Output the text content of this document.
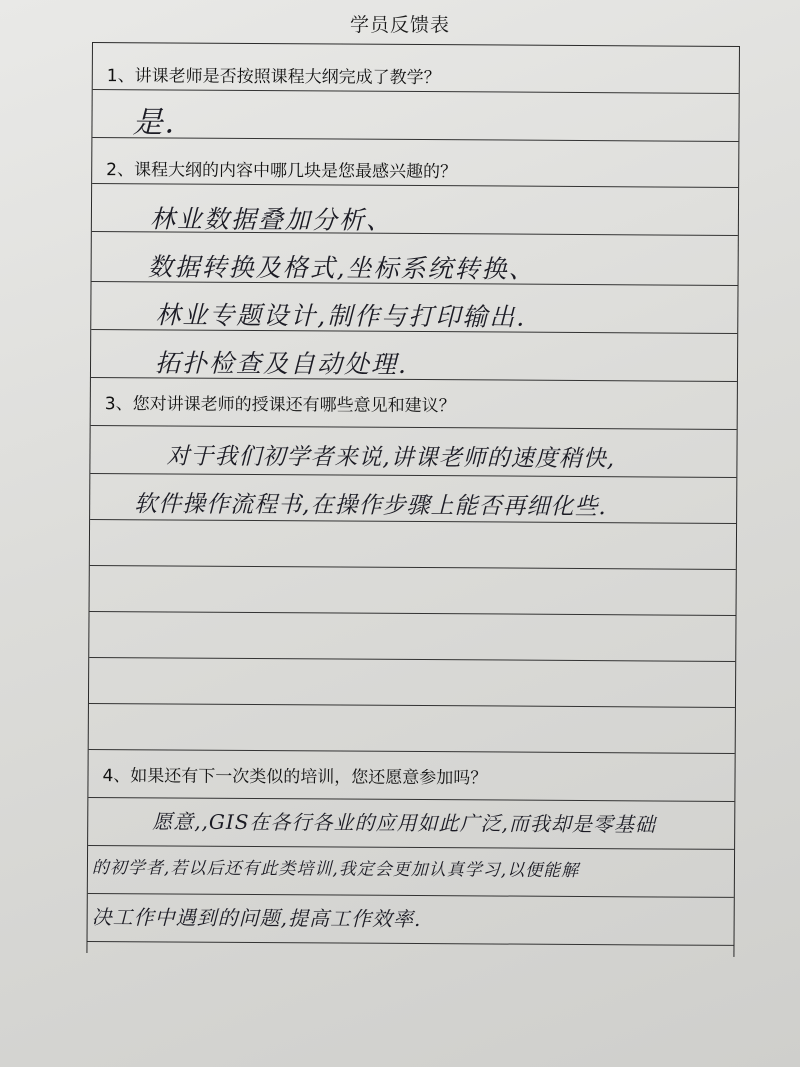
学员反馈表
1、讲课老师是否按照课程大纲完成了教学？
是.
2、课程大纲的内容中哪几块是您最感兴趣的？
林业数据叠加分析、
数据转换及格式,坐标系统转换、
林业专题设计,制作与打印输出.
拓扑检查及自动处理.
3、您对讲课老师的授课还有哪些意见和建议？
对于我们初学者来说,讲课老师的速度稍快,
软件操作流程书,在操作步骤上能否再细化些.
4、如果还有下一次类似的培训，您还愿意参加吗？
愿意,,GIS在各行各业的应用如此广泛,而我却是零基础
的初学者,若以后还有此类培训,我定会更加认真学习,以便能解
决工作中遇到的问题,提高工作效率.
